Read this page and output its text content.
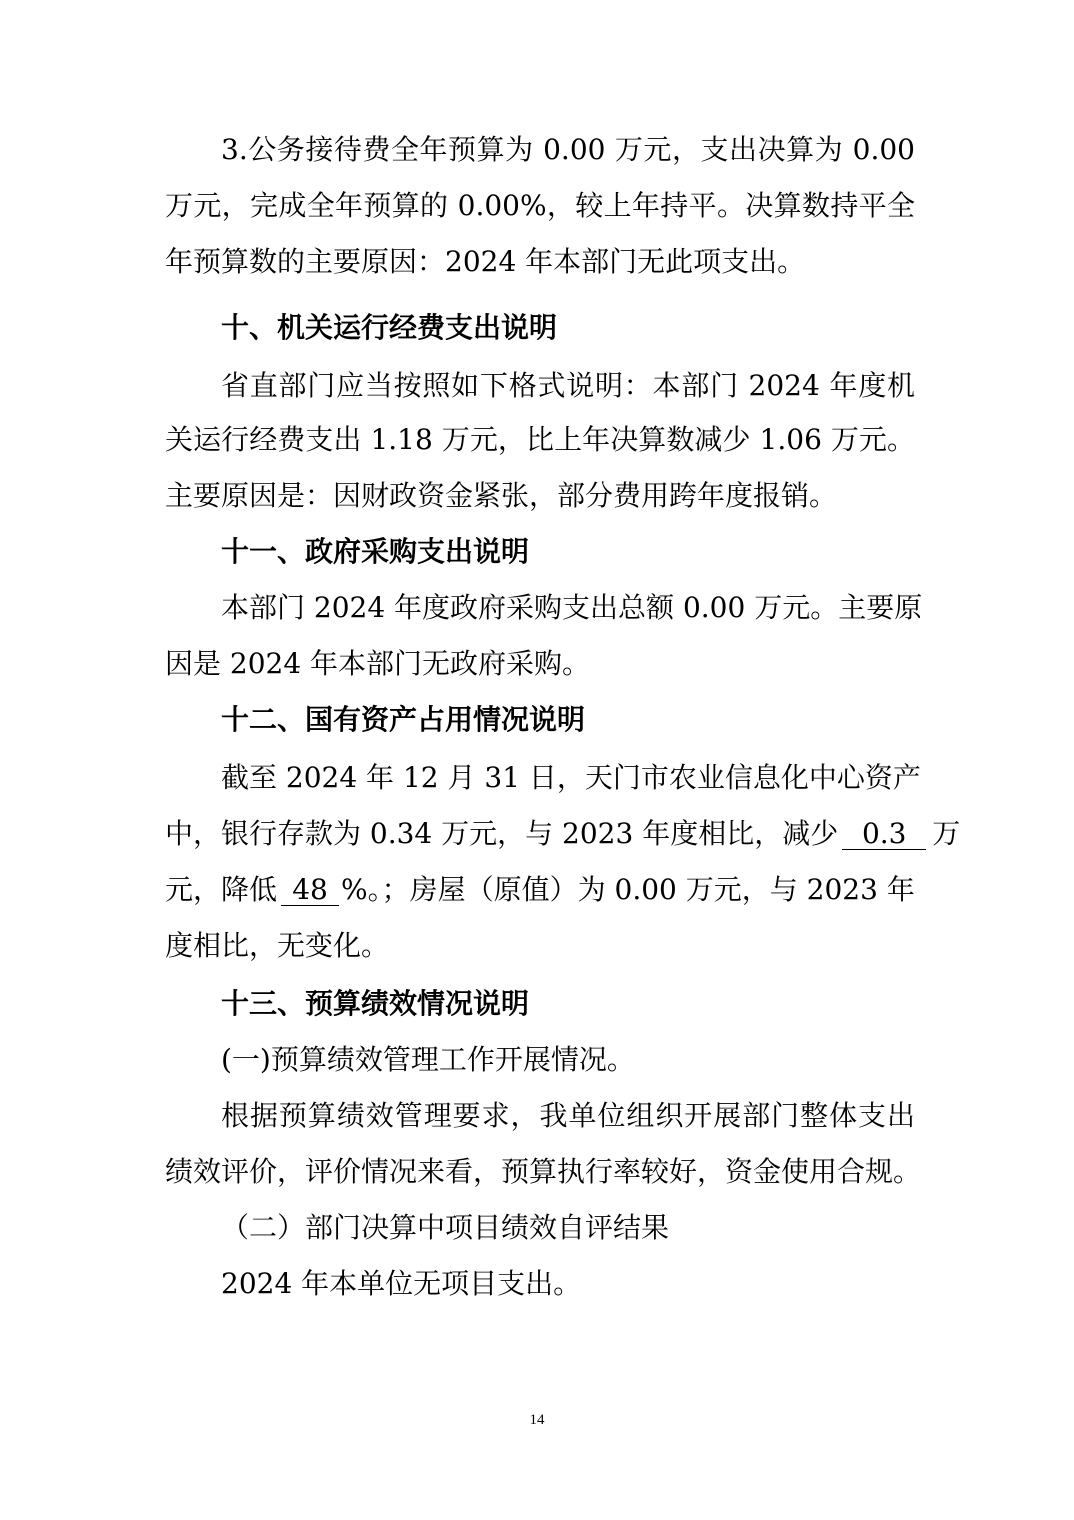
3.公务接待费全年预算为 0.00 万元，支出决算为 0.00
万元，完成全年预算的 0.00%，较上年持平。决算数持平全
年预算数的主要原因：2024 年本部门无此项支出。
十、机关运行经费支出说明
省直部门应当按照如下格式说明：本部门 2024 年度机
关运行经费支出 1.18 万元，比上年决算数减少 1.06 万元。
主要原因是：因财政资金紧张，部分费用跨年度报销。
十一、政府采购支出说明
本部门 2024 年度政府采购支出总额 0.00 万元。主要原
因是 2024 年本部门无政府采购。
十二、国有资产占用情况说明
截至 2024 年 12 月 31 日，天门市农业信息化中心资产
中，银行存款为 0.34 万元，与 2023 年度相比，减少 0.3 万
元，降低 48 %。；房屋（原值）为 0.00 万元，与 2023 年
度相比，无变化。
十三、预算绩效情况说明
(一)预算绩效管理工作开展情况。
根据预算绩效管理要求，我单位组织开展部门整体支出
绩效评价，评价情况来看，预算执行率较好，资金使用合规。
（二）部门决算中项目绩效自评结果
2024 年本单位无项目支出。
14
